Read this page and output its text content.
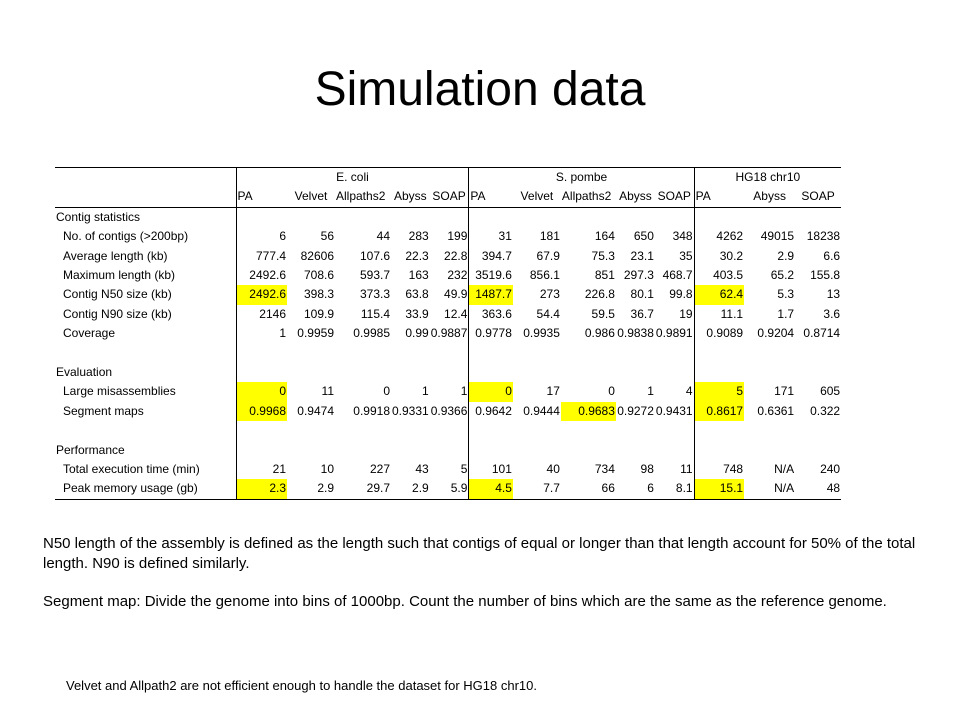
Simulation data
	E. coli					S. pombe					HG18 chr10		
	PA	Velvet	Allpaths2	Abyss	SOAP	PA	Velvet	Allpaths2	Abyss	SOAP	PA	Abyss	SOAP
Contig statistics													
No. of contigs (>200bp)	6	56	44	283	199	31	181	164	650	348	4262	49015	18238
Average length (kb)	777.4	82606	107.6	22.3	22.8	394.7	67.9	75.3	23.1	35	30.2	2.9	6.6
Maximum length (kb)	2492.6	708.6	593.7	163	232	3519.6	856.1	851	297.3	468.7	403.5	65.2	155.8
Contig N50 size (kb)	2492.6	398.3	373.3	63.8	49.9	1487.7	273	226.8	80.1	99.8	62.4	5.3	13
Contig N90 size (kb)	2146	109.9	115.4	33.9	12.4	363.6	54.4	59.5	36.7	19	11.1	1.7	3.6
Coverage	1	0.9959	0.9985	0.99	0.9887	0.9778	0.9935	0.986	0.9838	0.9891	0.9089	0.9204	0.8714

Evaluation													
Large misassemblies	0	11	0	1	1	0	17	0	1	4	5	171	605
Segment maps	0.9968	0.9474	0.9918	0.9331	0.9366	0.9642	0.9444	0.9683	0.9272	0.9431	0.8617	0.6361	0.322

Performance													
Total execution time (min)	21	10	227	43	5	101	40	734	98	11	748	N/A	240
Peak memory usage (gb)	2.3	2.9	29.7	2.9	5.9	4.5	7.7	66	6	8.1	15.1	N/A	48
N50 length of the assembly is defined as the length such that contigs of equal or longer than that length account for 50% of the total length. N90 is defined similarly.
Segment map: Divide the genome into bins of 1000bp. Count the number of bins which are the same as the reference genome.
Velvet and Allpath2 are not efficient enough to handle the dataset for HG18 chr10.
